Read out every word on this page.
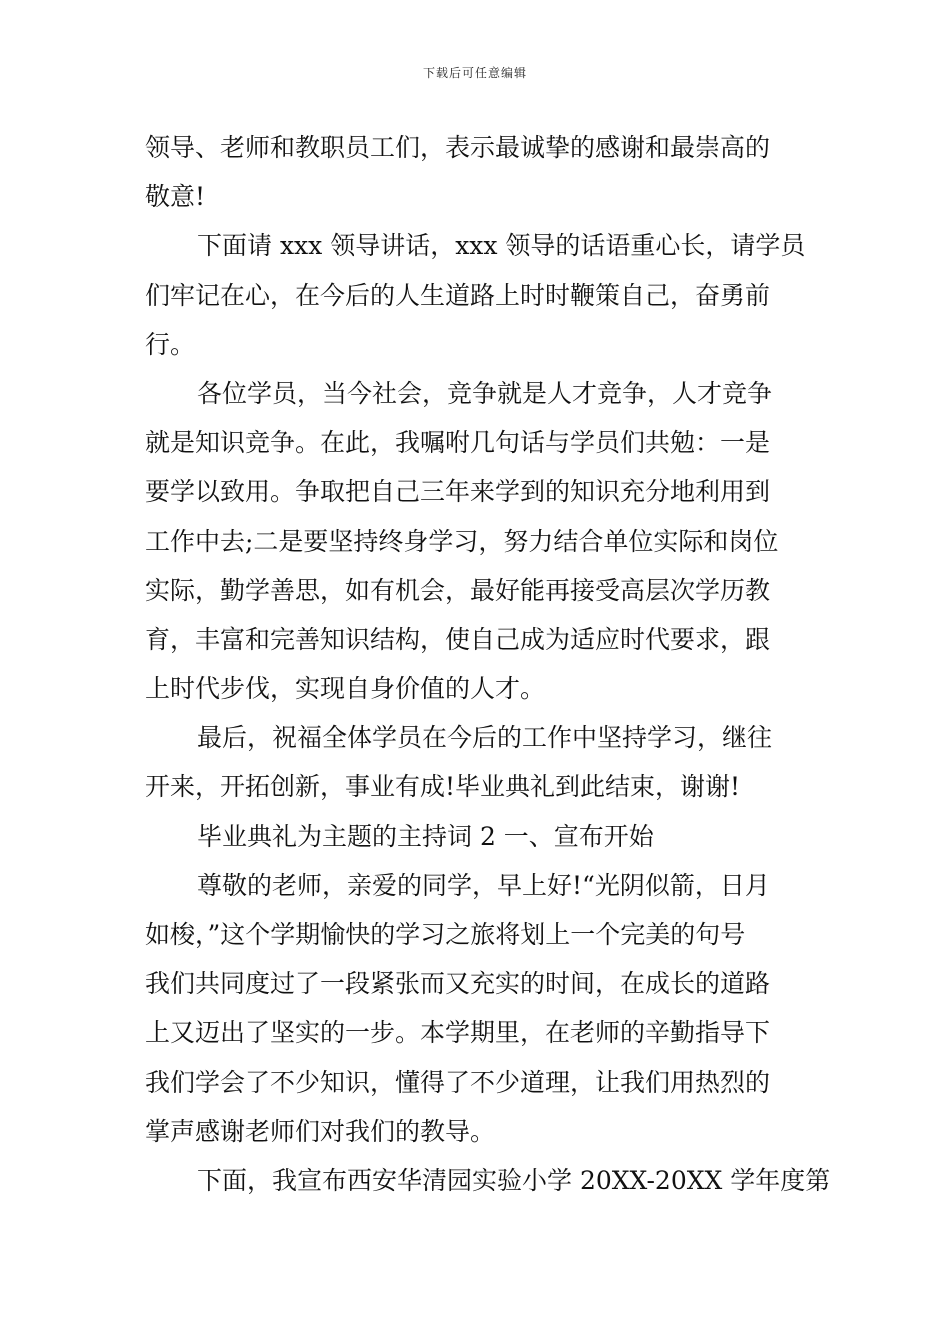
下载后可任意编辑
领导、老师和教职员工们，表示最诚挚的感谢和最崇高的
敬意!
下面请 xxx 领导讲话，xxx 领导的话语重心长，请学员
们牢记在心，在今后的人生道路上时时鞭策自己，奋勇前
行。
各位学员，当今社会，竞争就是人才竞争，人才竞争
就是知识竞争。在此，我嘱咐几句话与学员们共勉：一是
要学以致用。争取把自己三年来学到的知识充分地利用到
工作中去;二是要坚持终身学习，努力结合单位实际和岗位
实际，勤学善思，如有机会，最好能再接受高层次学历教
育，丰富和完善知识结构，使自己成为适应时代要求，跟
上时代步伐，实现自身价值的人才。
最后，祝福全体学员在今后的工作中坚持学习，继往
开来，开拓创新，事业有成!毕业典礼到此结束，谢谢!
毕业典礼为主题的主持词 2 一、宣布开始
尊敬的老师，亲爱的同学，早上好!“光阴似箭，日月
如梭，”这个学期愉快的学习之旅将划上一个完美的句号
我们共同度过了一段紧张而又充实的时间，在成长的道路
上又迈出了坚实的一步。本学期里，在老师的辛勤指导下
我们学会了不少知识，懂得了不少道理，让我们用热烈的
掌声感谢老师们对我们的教导。
下面，我宣布西安华清园实验小学 20XX-20XX 学年度第
